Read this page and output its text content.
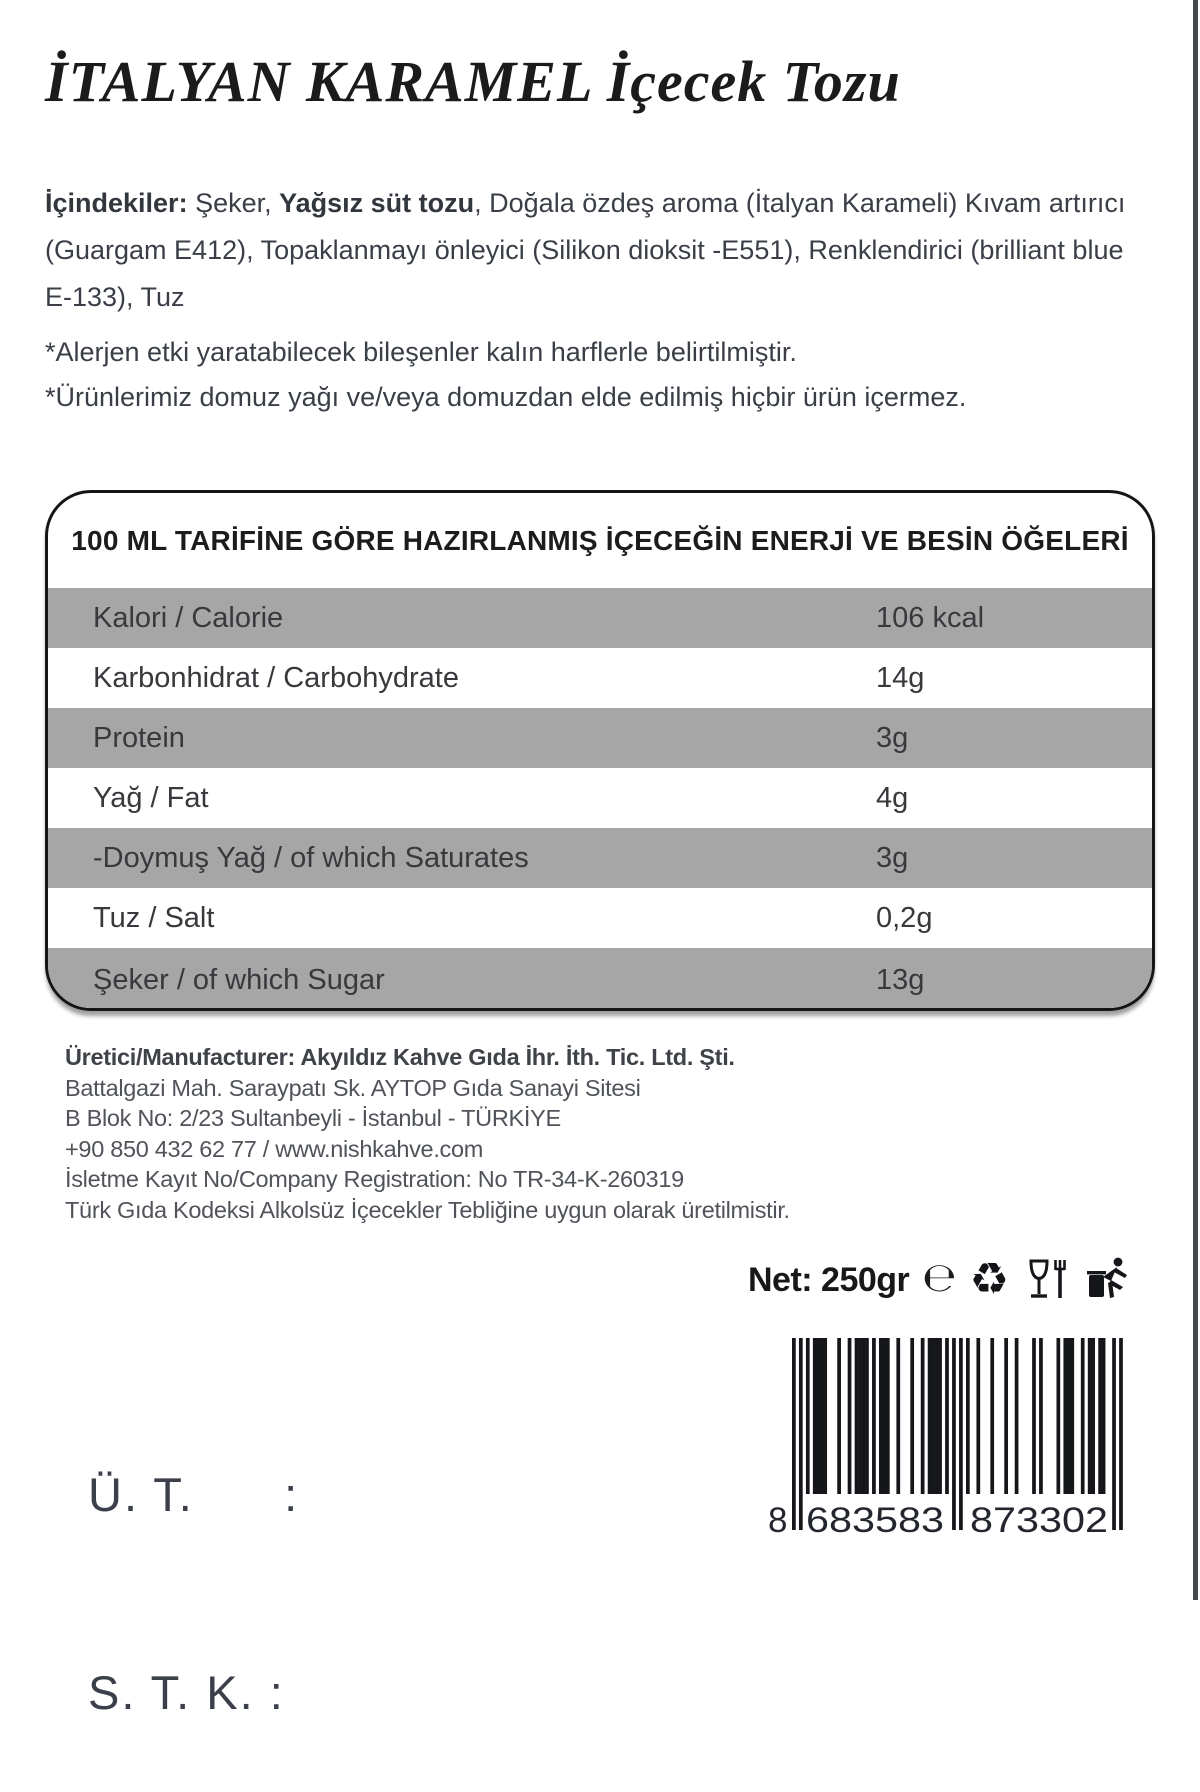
İTALYAN KARAMEL İçecek Tozu
İçindekiler: Şeker, Yağsız süt tozu, Doğala özdeş aroma (İtalyan Karameli) Kıvam artırıcı (Guargam E412), Topaklanmayı önleyici (Silikon dioksit -E551), Renklendirici (brilliant blue E-133), Tuz
*Alerjen etki yaratabilecek bileşenler kalın harflerle belirtilmiştir.
*Ürünlerimiz domuz yağı ve/veya domuzdan elde edilmiş hiçbir ürün içermez.
100 ML TARİFİNE GÖRE HAZIRLANMIŞ İÇECEĞİN ENERJİ VE BESİN ÖĞELERİ
Kalori / Calorie	106 kcal
Karbonhidrat / Carbohydrate	14g
Protein	3g
Yağ / Fat	4g
-Doymuş Yağ / of which Saturates	3g
Tuz / Salt	0,2g
Şeker / of which Sugar	13g
Üretici/Manufacturer: Akyıldız Kahve Gıda İhr. İth. Tic. Ltd. Şti.
Battalgazi Mah. Saraypatı Sk. AYTOP Gıda Sanayi Sitesi
B Blok No: 2/23 Sultanbeyli - İstanbul - TÜRKİYE
+90 850 432 62 77 / www.nishkahve.com
İsletme Kayıt No/Company Registration: No TR-34-K-260319
Türk Gıda Kodeksi Alkolsüz İçecekler Tebliğine uygun olarak üretilmistir.
Net: 250gr ℮ ♻

Ü. T.      :

S. T. K. :

8 683583 873302
